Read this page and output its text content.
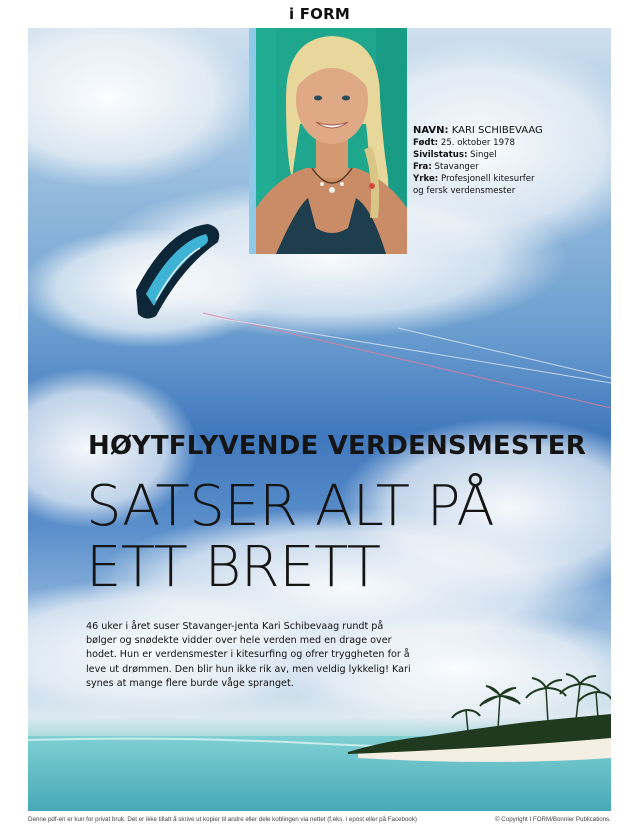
i FORM
NAVN: KARI SCHIBEVAAG
Født: 25. oktober 1978
Sivilstatus: Singel
Fra: Stavanger
Yrke: Profesjonell kitesurfer
og fersk verdensmester
HØYTFLYVENDE VERDENSMESTER
SATSER ALT PÅ
ETT BRETT
46 uker i året suser Stavanger-jenta Kari Schibevaag rundt på bølger og snødekte vidder over hele verden med en drage over hodet. Hun er verdensmester i kitesurfing og ofrer tryggheten for å leve ut drømmen. Den blir hun ikke rik av, men veldig lykkelig! Kari synes at mange flere burde våge spranget.
Denne pdf-en er kun for privat bruk. Det er ikke tillatt å skrive ut kopier til andre eller dele koblingen via nettet (f.eks. i epost eller på Facebook)	© Copyright I FORM/Bonnier Publications.
